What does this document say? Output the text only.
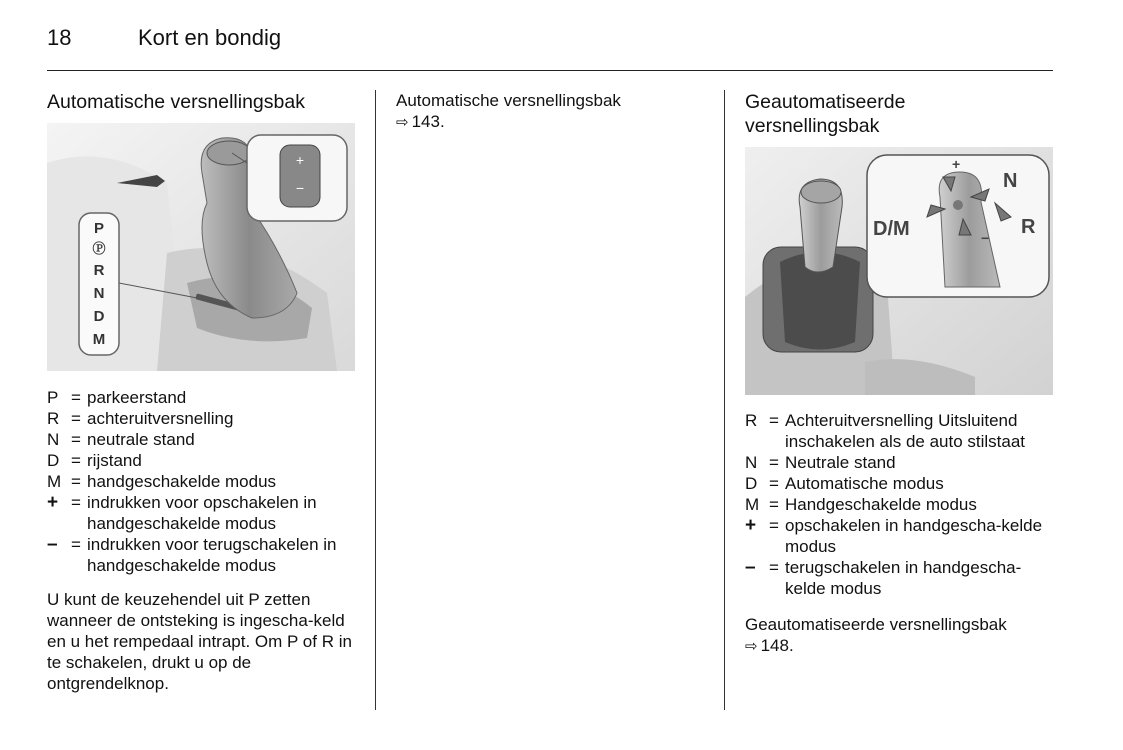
18	Kort en bondig
Automatische versnellingsbak
+
−
P
Ⓟ
R
N
D
M
P = parkeerstand
R = achteruitversnelling
N = neutrale stand
D = rijstand
M = handgeschakelde modus
+ = indrukken voor opschakelen in handgeschakelde modus
– = indrukken voor terugschakelen in handgeschakelde modus

U kunt de keuzehendel uit P zetten wanneer de ontsteking is ingescha-keld en u het rempedaal intrapt. Om P of R in te schakelen, drukt u op de ontgrendelknop.

Automatische versnellingsbak
⇨ 143.

Geautomatiseerde
versnellingsbak
D/M
N
R
+
−
R = Achteruitversnelling Uitsluitend inschakelen als de auto stilstaat
N = Neutrale stand
D = Automatische modus
M = Handgeschakelde modus
+ = opschakelen in handgescha-kelde modus
– = terugschakelen in handgescha-kelde modus

Geautomatiseerde versnellingsbak
⇨ 148.
